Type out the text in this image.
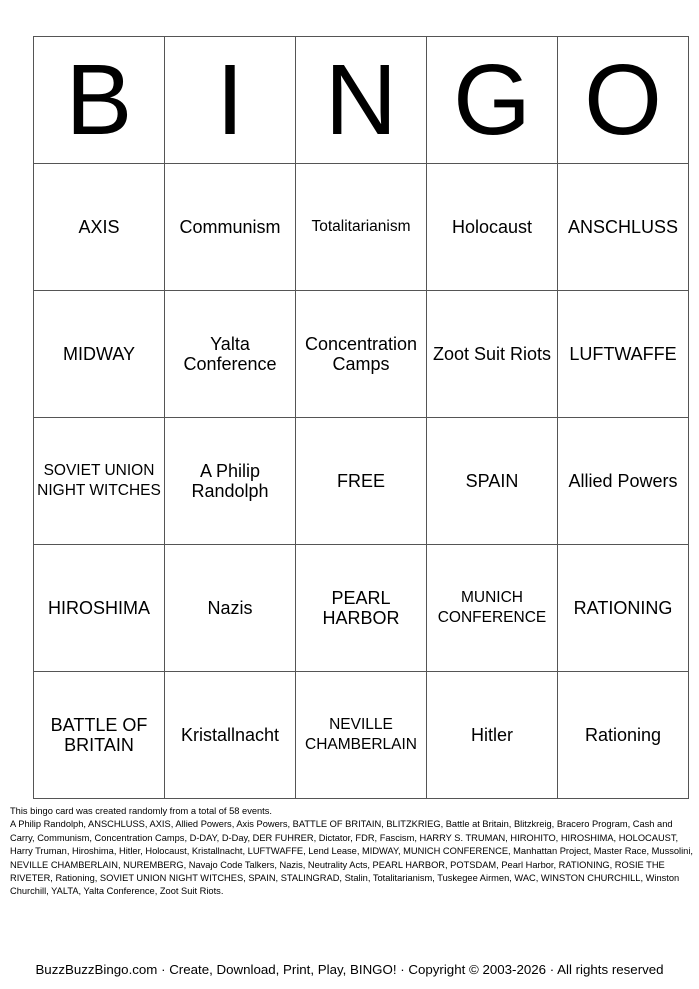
B	I	N	G	O
AXIS	Communism	Totalitarianism	Holocaust	ANSCHLUSS
MIDWAY	Yalta Conference	Concentration Camps	Zoot Suit Riots	LUFTWAFFE
SOVIET UNION NIGHT WITCHES	A Philip Randolph	FREE	SPAIN	Allied Powers
HIROSHIMA	Nazis	PEARL HARBOR	MUNICH CONFERENCE	RATIONING
BATTLE OF BRITAIN	Kristallnacht	NEVILLE CHAMBERLAIN	Hitler	Rationing

This bingo card was created randomly from a total of 58 events.

A Philip Randolph, ANSCHLUSS, AXIS, Allied Powers, Axis Powers, BATTLE OF BRITAIN, BLITZKRIEG, Battle at Britain, Blitzkreig, Bracero Program, Cash and Carry, Communism, Concentration Camps, D-DAY, D-Day, DER FUHRER, Dictator, FDR, Fascism, HARRY S. TRUMAN, HIROHITO, HIROSHIMA, HOLOCAUST, Harry Truman, Hiroshima, Hitler, Holocaust, Kristallnacht, LUFTWAFFE, Lend Lease, MIDWAY, MUNICH CONFERENCE, Manhattan Project, Master Race, Mussolini, NEVILLE CHAMBERLAIN, NUREMBERG, Navajo Code Talkers, Nazis, Neutrality Acts, PEARL HARBOR, POTSDAM, Pearl Harbor, RATIONING, ROSIE THE RIVETER, Rationing, SOVIET UNION NIGHT WITCHES, SPAIN, STALINGRAD, Stalin, Totalitarianism, Tuskegee Airmen, WAC, WINSTON CHURCHILL, Winston Churchill, YALTA, Yalta Conference, Zoot Suit Riots.

BuzzBuzzBingo.com · Create, Download, Print, Play, BINGO! · Copyright © 2003-2026 · All rights reserved
